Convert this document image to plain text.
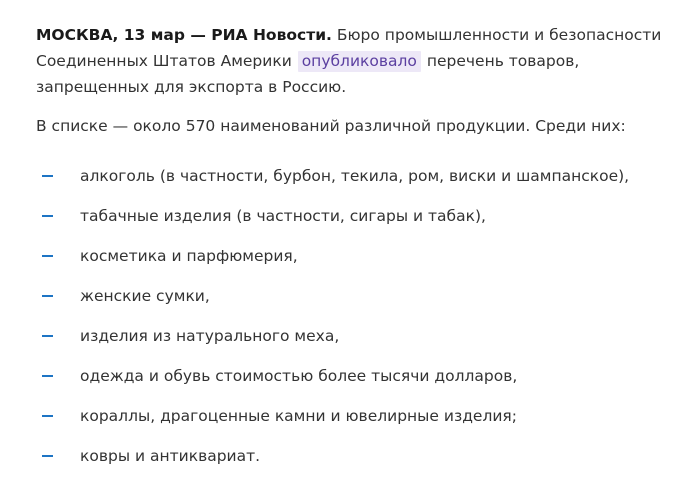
МОСКВА, 13 мар — РИА Новости. Бюро промышленности и безопасности Соединенных Штатов Америки опубликовало перечень товаров, запрещенных для экспорта в Россию.

В списке — около 570 наименований различной продукции. Среди них:

алкоголь (в частности, бурбон, текила, ром, виски и шампанское),
табачные изделия (в частности, сигары и табак),
косметика и парфюмерия,
женские сумки,
изделия из натурального меха,
одежда и обувь стоимостью более тысячи долларов,
кораллы, драгоценные камни и ювелирные изделия;
ковры и антиквариат.
